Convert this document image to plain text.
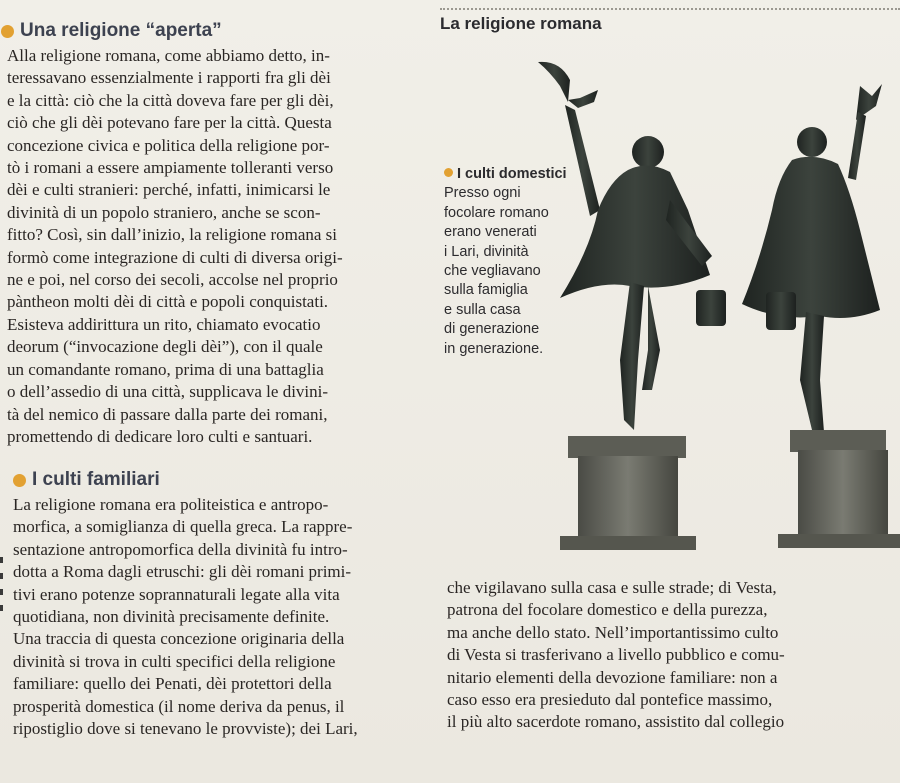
Una religione “aperta”
Alla religione romana, come abbiamo detto, in-
teressavano essenzialmente i rapporti fra gli dèi
e la città: ciò che la città doveva fare per gli dèi,
ciò che gli dèi potevano fare per la città. Questa
concezione civica e politica della religione por-
tò i romani a essere ampiamente tolleranti verso
dèi e culti stranieri: perché, infatti, inimicarsi le
divinità di un popolo straniero, anche se scon-
fitto? Così, sin dall’inizio, la religione romana si
formò come integrazione di culti di diversa origi-
ne e poi, nel corso dei secoli, accolse nel proprio
pàntheon molti dèi di città e popoli conquistati.
Esisteva addirittura un rito, chiamato evocatio
deorum (“invocazione degli dèi”), con il quale
un comandante romano, prima di una battaglia
o dell’assedio di una città, supplicava le divini-
tà del nemico di passare dalla parte dei romani,
promettendo di dedicare loro culti e santuari.
I culti familiari
La religione romana era politeistica e antropo-
morfica, a somiglianza di quella greca. La rappre-
sentazione antropomorfica della divinità fu intro-
dotta a Roma dagli etruschi: gli dèi romani primi-
tivi erano potenze soprannaturali legate alla vita
quotidiana, non divinità precisamente definite.
Una traccia di questa concezione originaria della
divinità si trova in culti specifici della religione
familiare: quello dei Penati, dèi protettori della
prosperità domestica (il nome deriva da penus, il
ripostiglio dove si tenevano le provviste); dei Lari,
che vigilavano sulla casa e sulle strade; di Vesta,
patrona del focolare domestico e della purezza,
ma anche dello stato. Nell’importantissimo culto
di Vesta si trasferivano a livello pubblico e comu-
nitario elementi della devozione familiare: non a
caso esso era presieduto dal pontefice massimo,
il più alto sacerdote romano, assistito dal collegio
La religione romana
I culti domestici
Presso ogni
focolare romano
erano venerati
i Lari, divinità
che vegliavano
sulla famiglia
e sulla casa
di generazione
in generazione.
